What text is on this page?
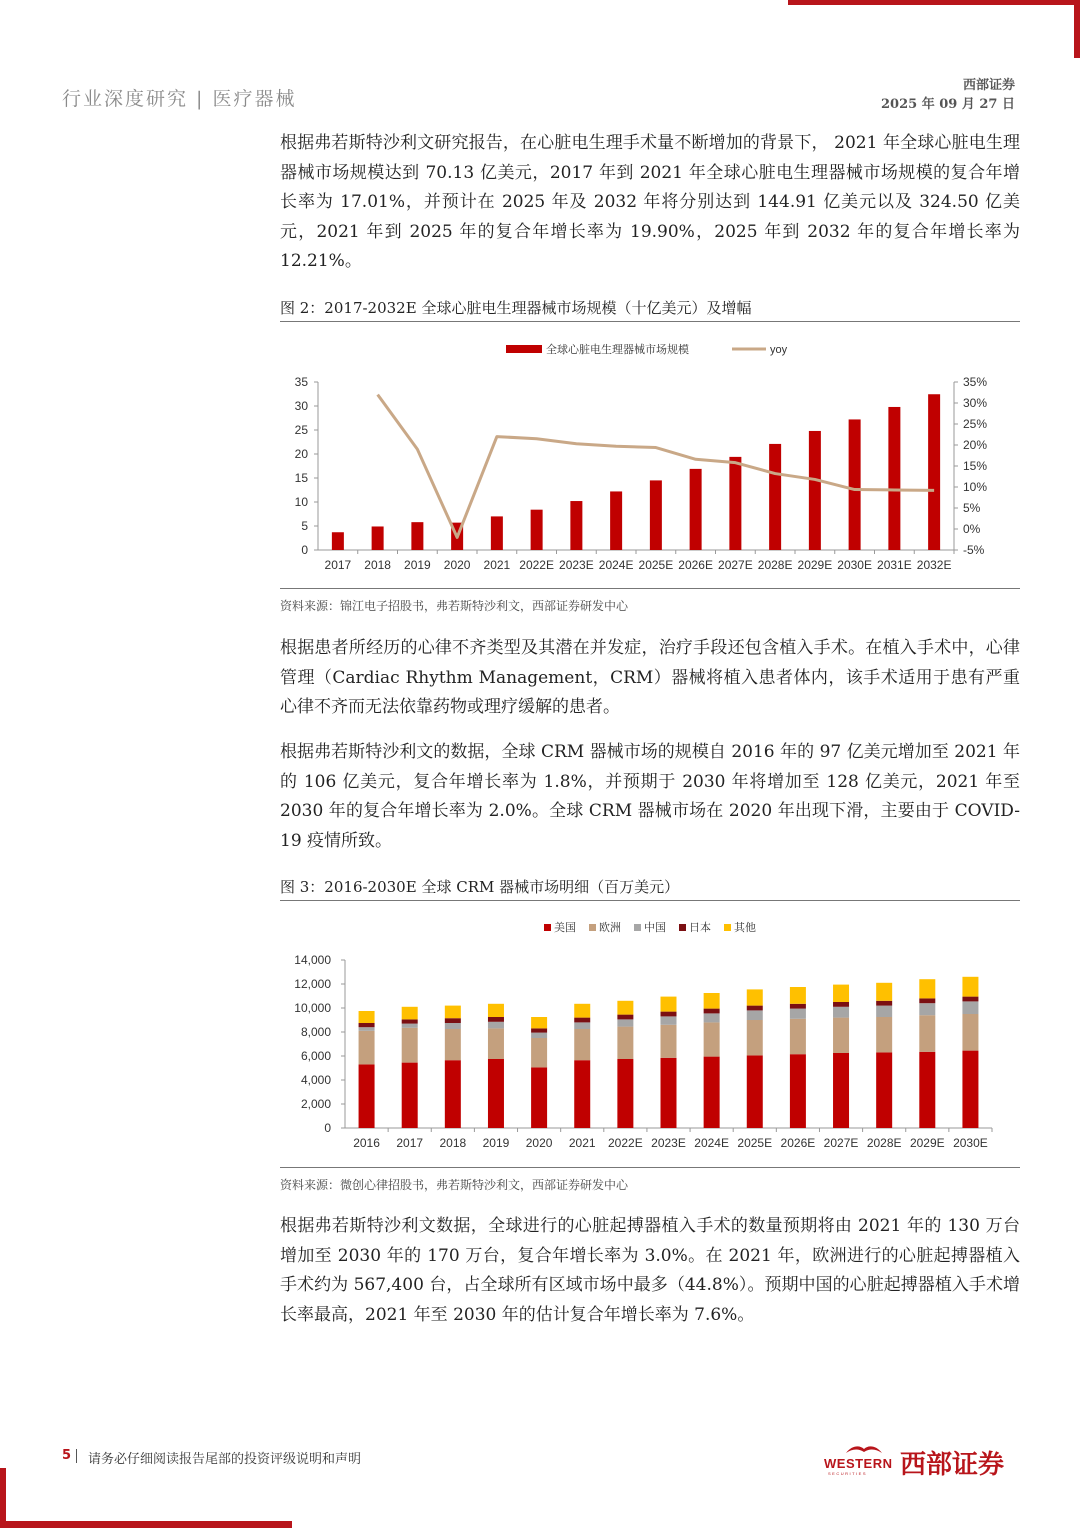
行业深度研究 | 医疗器械
西部证券
2025 年 09 月 27 日
根据弗若斯特沙利文研究报告，在心脏电生理手术量不断增加的背景下， 2021 年全球心脏电生理器械市场规模达到 70.13 亿美元，2017 年到 2021 年全球心脏电生理器械市场规模的复合年增长率为 17.01%，并预计在 2025 年及 2032 年将分别达到 144.91 亿美元以及 324.50 亿美元，2021 年到 2025 年的复合年增长率为 19.90%，2025 年到 2032 年的复合年增长率为 12.21%。
图 2：2017-2032E 全球心脏电生理器械市场规模（十亿美元）及增幅
全球心脏电生理器械市场规模	yoy
0
5
10
15
20
25
30
35
-5%
0%
5%
10%
15%
20%
25%
30%
35%
2017 2018 2019 2020 2021 2022E 2023E 2024E 2025E 2026E 2027E 2028E 2029E 2030E 2031E 2032E
资料来源：锦江电子招股书，弗若斯特沙利文，西部证券研发中心
根据患者所经历的心律不齐类型及其潜在并发症，治疗手段还包含植入手术。在植入手术中，心律管理（Cardiac Rhythm Management，CRM）器械将植入患者体内，该手术适用于患有严重心律不齐而无法依靠药物或理疗缓解的患者。
根据弗若斯特沙利文的数据，全球 CRM 器械市场的规模自 2016 年的 97 亿美元增加至 2021 年的 106 亿美元，复合年增长率为 1.8%，并预期于 2030 年将增加至 128 亿美元，2021 年至 2030 年的复合年增长率为 2.0%。全球 CRM 器械市场在 2020 年出现下滑，主要由于 COVID-19 疫情所致。
图 3：2016-2030E 全球 CRM 器械市场明细（百万美元）
美国 欧洲 中国 日本 其他
0
2,000
4,000
6,000
8,000
10,000
12,000
14,000
2016 2017 2018 2019 2020 2021 2022E 2023E 2024E 2025E 2026E 2027E 2028E 2029E 2030E
资料来源：微创心律招股书，弗若斯特沙利文，西部证券研发中心
根据弗若斯特沙利文数据，全球进行的心脏起搏器植入手术的数量预期将由 2021 年的 130 万台增加至 2030 年的 170 万台，复合年增长率为 3.0%。在 2021 年，欧洲进行的心脏起搏器植入手术约为 567,400 台，占全球所有区域市场中最多（44.8%）。预期中国的心脏起搏器植入手术增长率最高，2021 年至 2030 年的估计复合年增长率为 7.6%。
5 请务必仔细阅读报告尾部的投资评级说明和声明	WESTERN
SECURITIES 西部证券
